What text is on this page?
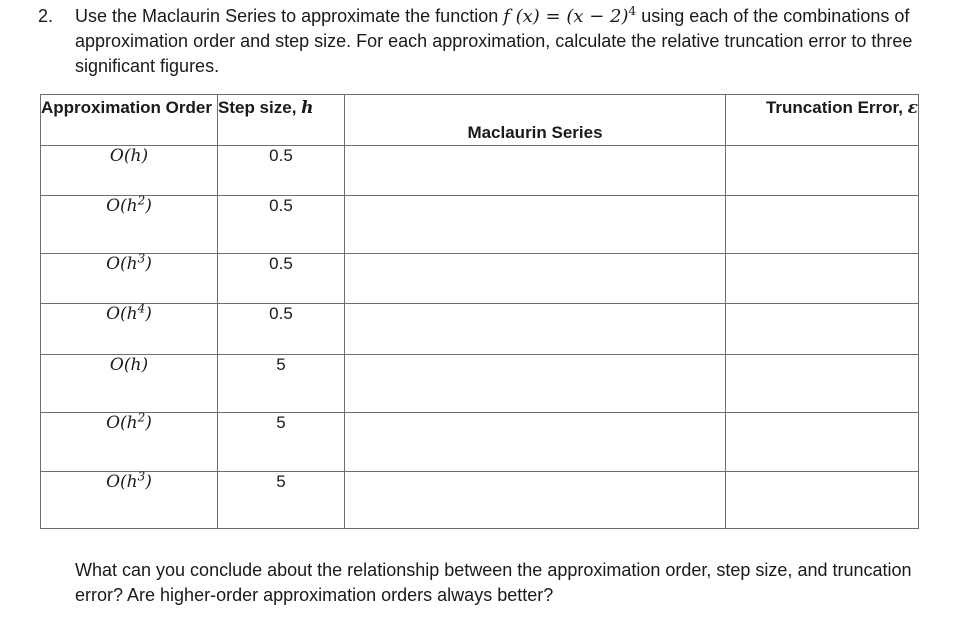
2. Use the Maclaurin Series to approximate the function f $(x) = (x - 2)^4$ using each of the combinations of approximation order and step size. For each approximation, calculate the relative truncation error to three significant figures.
Approximation Order	Step size, h	Maclaurin Series	Truncation Error, ε
O(h)	0.5		
$O(h^2)$	0.5		
$O(h^3)$	0.5		
$O(h^4)$	0.5		
O(h)	5		
$O(h^2)$	5		
$O(h^3)$	5		
What can you conclude about the relationship between the approximation order, step size, and truncation error? Are higher-order approximation orders always better?
